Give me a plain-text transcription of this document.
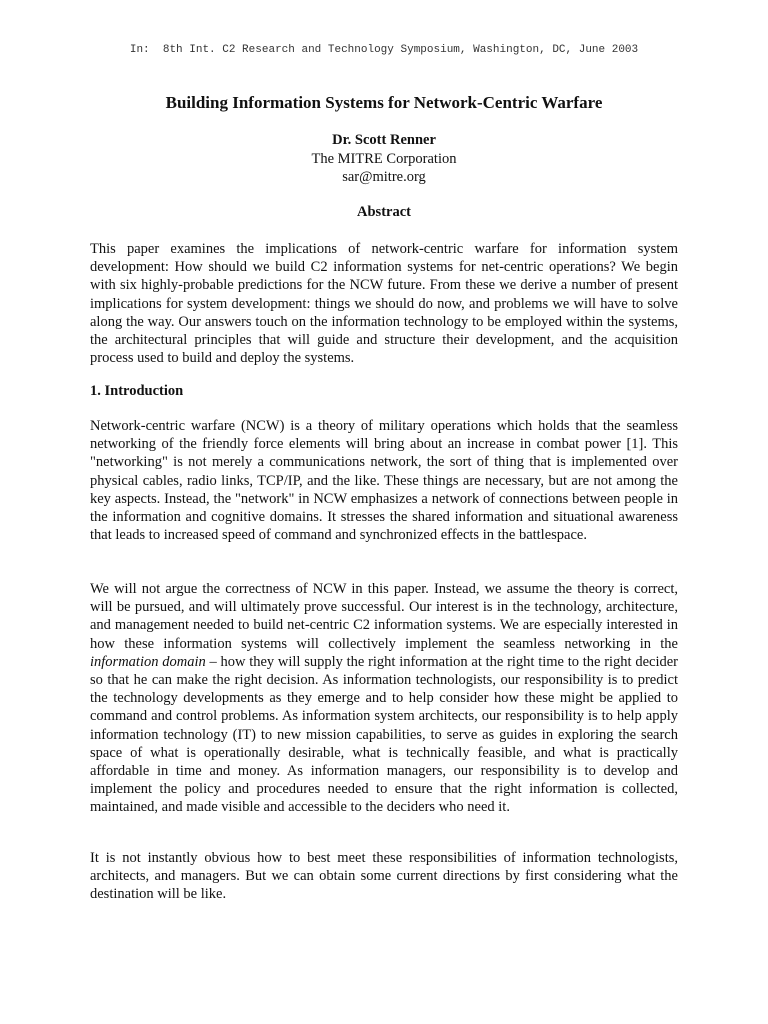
In:  8th Int. C2 Research and Technology Symposium, Washington, DC, June 2003
Building Information Systems for Network-Centric Warfare
Dr. Scott Renner
The MITRE Corporation
sar@mitre.org
Abstract

This paper examines the implications of network-centric warfare for information system development: How should we build C2 information systems for net-centric operations? We begin with six highly-probable predictions for the NCW future. From these we derive a number of present implications for system development: things we should do now, and problems we will have to solve along the way. Our answers touch on the information technology to be employed within the systems, the architectural principles that will guide and structure their development, and the acquisition process used to build and deploy the systems.

1. Introduction

Network-centric warfare (NCW) is a theory of military operations which holds that the seamless networking of the friendly force elements will bring about an increase in combat power [1]. This "networking" is not merely a communications network, the sort of thing that is implemented over physical cables, radio links, TCP/IP, and the like. These things are necessary, but are not among the key aspects. Instead, the "network" in NCW emphasizes a network of connections between people in the information and cognitive domains. It stresses the shared information and situational awareness that leads to increased speed of command and synchronized effects in the battlespace.

We will not argue the correctness of NCW in this paper. Instead, we assume the theory is correct, will be pursued, and will ultimately prove successful. Our interest is in the technology, architecture, and management needed to build net-centric C2 information systems. We are especially interested in how these information systems will collectively implement the seamless networking in the information domain – how they will supply the right information at the right time to the right decider so that he can make the right decision. As information technologists, our responsibility is to predict the technology developments as they emerge and to help consider how these might be applied to command and control problems. As information system architects, our responsibility is to help apply information technology (IT) to new mission capabilities, to serve as guides in exploring the search space of what is operationally desirable, what is technically feasible, and what is practically affordable in time and money. As information managers, our responsibility is to develop and implement the policy and procedures needed to ensure that the right information is collected, maintained, and made visible and accessible to the deciders who need it.

It is not instantly obvious how to best meet these responsibilities of information technologists, architects, and managers. But we can obtain some current directions by first considering what the destination will be like.
